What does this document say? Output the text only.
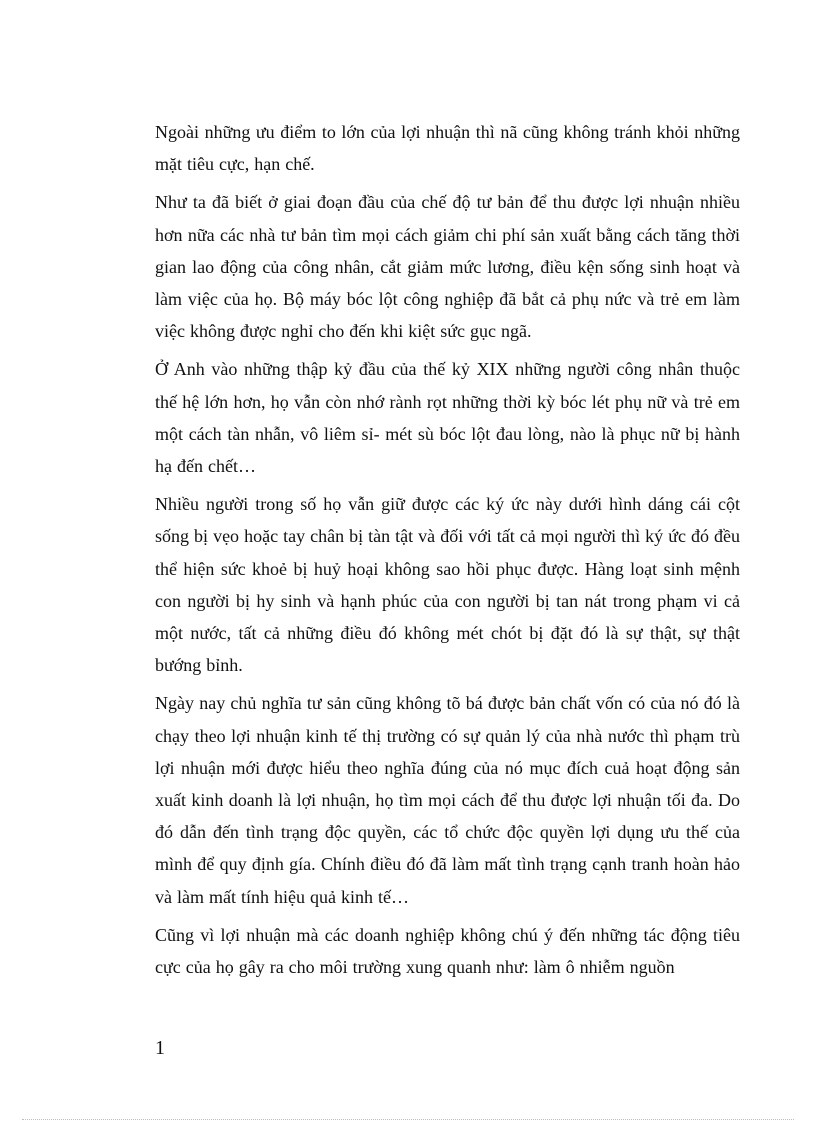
Ngoài những ưu điểm to lớn của lợi nhuận thì nã cũng không tránh khỏi những mặt tiêu cực, hạn chế.

Như ta đã biết ở giai đoạn đầu của chế độ tư bản để thu được lợi nhuận nhiều hơn nữa các nhà tư bản tìm mọi cách giảm chi phí sản xuất bằng cách tăng thời gian lao động của công nhân, cắt giảm mức lương, điều kện sống sinh hoạt và làm việc của họ. Bộ máy bóc lột công nghiệp đã bắt cả phụ nức và trẻ em làm việc không được nghỉ cho đến khi kiệt sức gục ngã.

Ở Anh vào những thập kỷ đầu của thế kỷ XIX những người công nhân thuộc thế hệ lớn hơn, họ vẫn còn nhớ rành rọt những thời kỳ bóc lét phụ nữ và trẻ em một cách tàn nhẫn, vô liêm sỉ- mét sù bóc lột đau lòng, nào là phục nữ bị hành hạ đến chết…

Nhiều người trong số họ vẫn giữ được các ký ức này dưới hình dáng cái cột sống bị vẹo hoặc tay chân bị tàn tật và đối với tất cả mọi người thì ký ức đó đều thể hiện sức khoẻ bị huỷ hoại không sao hồi phục được. Hàng loạt sinh mệnh con người bị hy sinh và hạnh phúc của con người bị tan nát trong phạm vi cả một nước, tất cả những điều đó không mét chót bị đặt đó là sự thật, sự thật bướng bỉnh.

Ngày nay chủ nghĩa tư sản cũng không tõ bá được bản chất vốn có của nó đó là chạy theo lợi nhuận kinh tế thị trường có sự quản lý của nhà nước thì phạm trù lợi nhuận mới được hiểu theo nghĩa đúng của nó mục đích cuả hoạt động sản xuất kinh doanh là lợi nhuận, họ tìm mọi cách để thu được lợi nhuận tối đa. Do đó dẫn đến tình trạng độc quyền, các tổ chức độc quyền lợi dụng ưu thế của mình để quy định gía. Chính điều đó đã làm mất tình trạng cạnh tranh hoàn hảo và làm mất tính hiệu quả kinh tế…

Cũng vì lợi nhuận mà các doanh nghiệp không chú ý đến những tác động tiêu cực của họ gây ra cho môi trường xung quanh như: làm ô nhiễm nguồn

1
